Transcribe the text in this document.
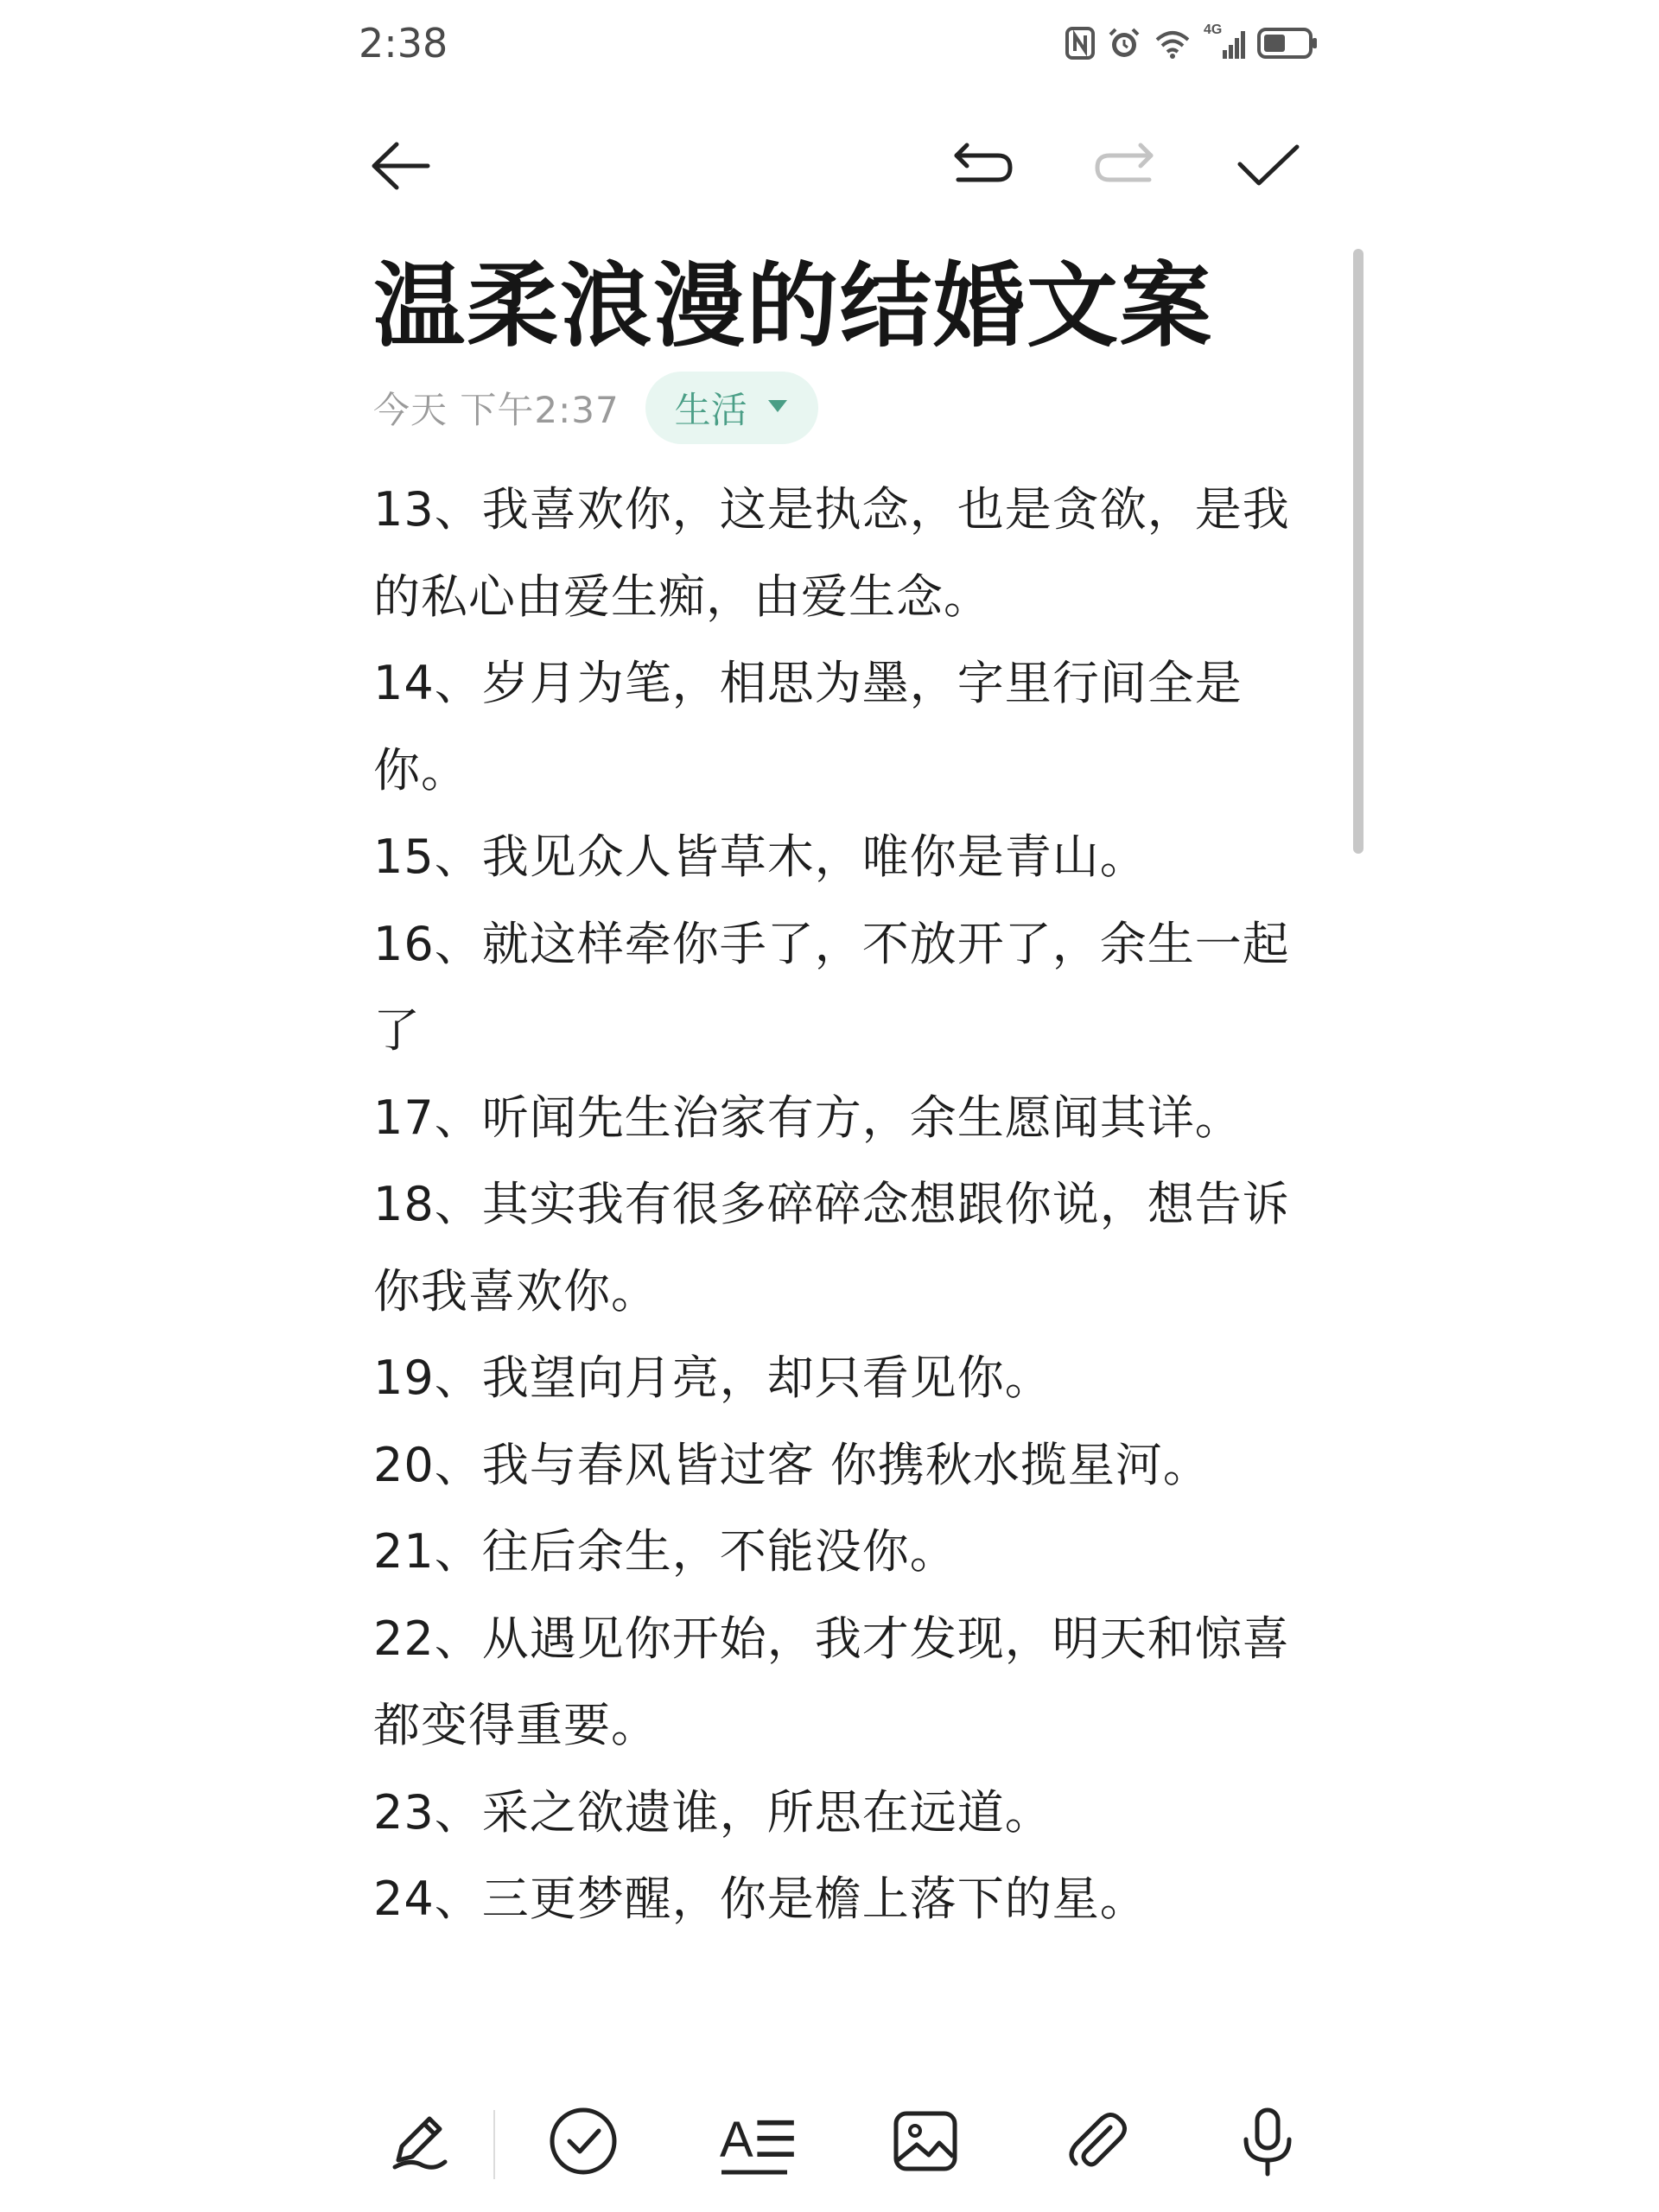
2:38	4G
温柔浪漫的结婚文案
今天 下午2:37 生活
13、我喜欢你，这是执念，也是贪欲，是我
的私心由爱生痴，由爱生念。
14、岁月为笔，相思为墨，字里行间全是
你。
15、我见众人皆草木，唯你是青山。
16、就这样牵你手了，不放开了，余生一起
了
17、听闻先生治家有方，余生愿闻其详。
18、其实我有很多碎碎念想跟你说，想告诉
你我喜欢你。
19、我望向月亮，却只看见你。
20、我与春风皆过客 你携秋水揽星河。
21、往后余生，不能没你。
22、从遇见你开始，我才发现，明天和惊喜
都变得重要。
23、采之欲遗谁，所思在远道。
24、三更梦醒，你是檐上落下的星。
A☰
